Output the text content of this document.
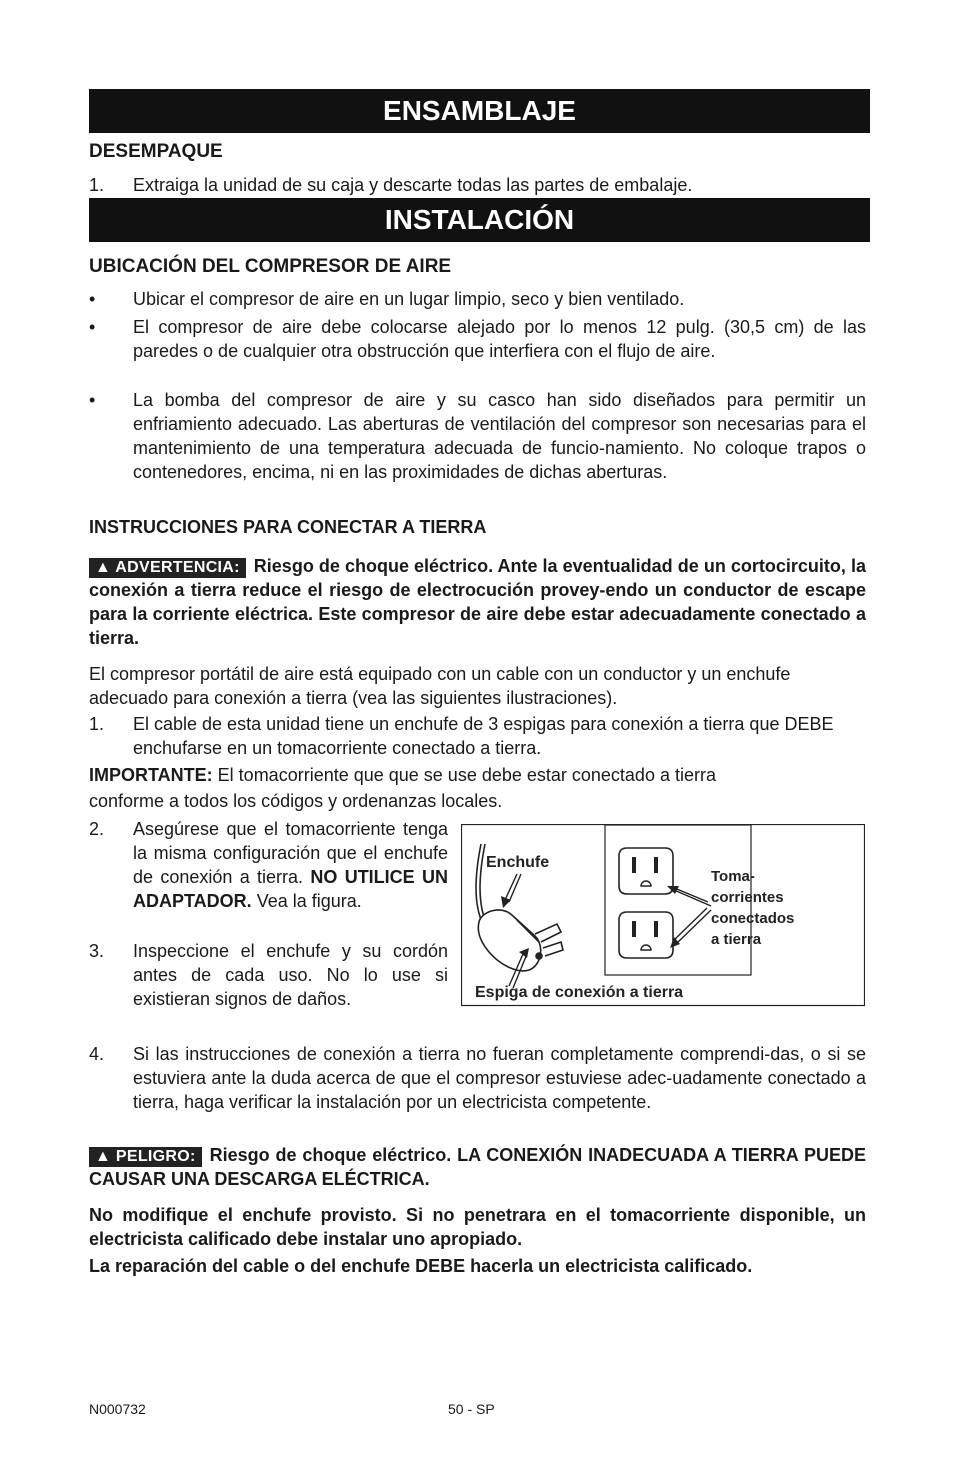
ENSAMBLAJE
DESEMPAQUE
1. Extraiga la unidad de su caja y descarte todas las partes de embalaje.
INSTALACIÓN
UBICACIÓN DEL COMPRESOR DE AIRE
• Ubicar el compresor de aire en un lugar limpio, seco y bien ventilado.
• El compresor de aire debe colocarse alejado por lo menos 12 pulg. (30,5 cm) de las paredes o de cualquier otra obstrucción que interfiera con el flujo de aire.
• La bomba del compresor de aire y su casco han sido diseñados para permitir un enfriamiento adecuado. Las aberturas de ventilación del compresor son necesarias para el mantenimiento de una temperatura adecuada de funcio-namiento. No coloque trapos o contenedores, encima, ni en las proximidades de dichas aberturas.
INSTRUCCIONES PARA CONECTAR A TIERRA
▲ ADVERTENCIA: Riesgo de choque eléctrico. Ante la eventualidad de un cortocircuito, la conexión a tierra reduce el riesgo de electrocución provey-endo un conductor de escape para la corriente eléctrica. Este compresor de aire debe estar adecuadamente conectado a tierra.
El compresor portátil de aire está equipado con un cable con un conductor y un enchufe adecuado para conexión a tierra (vea las siguientes ilustraciones).
1. El cable de esta unidad tiene un enchufe de 3 espigas para conexión a tierra que DEBE enchufarse en un tomacorriente conectado a tierra.
IMPORTANTE: El tomacorriente que que se use debe estar conectado a tierra
conforme a todos los códigos y ordenanzas locales.
2. Asegúrese que el tomacorriente tenga la misma configuración que el enchufe de conexión a tierra. NO UTILICE UN ADAPTADOR. Vea la figura.
3. Inspeccione el enchufe y su cordón antes de cada uso. No lo use si existieran signos de daños.
Enchufe
Toma-
corrientes
conectados
a tierra
Espiga de conexión a tierra
4. Si las instrucciones de conexión a tierra no fueran completamente comprendi-das, o si se estuviera ante la duda acerca de que el compresor estuviese adec-uadamente conectado a tierra, haga verificar la instalación por un electricista competente.
▲ PELIGRO: Riesgo de choque eléctrico. LA CONEXIÓN INADECUADA A TIERRA PUEDE CAUSAR UNA DESCARGA ELÉCTRICA.
No modifique el enchufe provisto. Si no penetrara en el tomacorriente disponible, un electricista calificado debe instalar uno apropiado.
La reparación del cable o del enchufe DEBE hacerla un electricista calificado.
N000732	50 - SP
